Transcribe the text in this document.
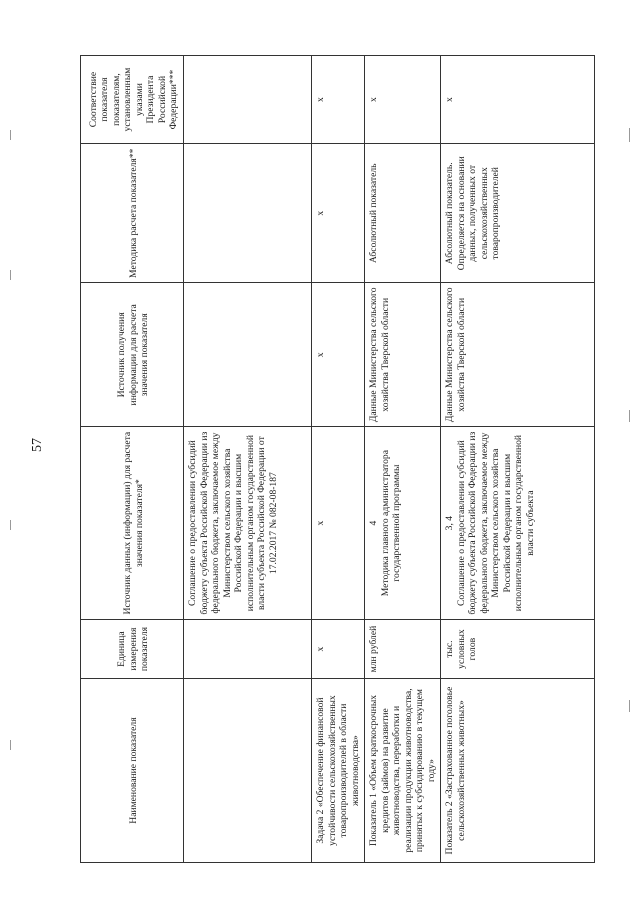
57
Наименование показателя	Единица измерения показателя	Источник данных (информации) для расчета значения показателя*	Источник получения информации для расчета значения показателя	Методика расчета показателя**	Соответствие показателя показателям, установленным указами Президента Российской Федерации***
		Соглашение о предоставлении субсидий бюджету субъекта Российской Федерации из федерального бюджета, заключаемое между Министерством сельского хозяйства Российской Федерации и высшим исполнительным органом государственной власти субъекта Российской Федерации от 17.02.2017 № 082-08-187			
Задача 2 «Обеспечение финансовой устойчивости сельскохозяйственных товаропроизводителей в области животноводства»	х	х	х	х	х
Показатель 1 «Объем краткосрочных кредитов (займов) на развитие животноводства, переработки и реализации продукции животноводства, принятых к субсидированию в текущем году»	млн рублей	4 Методика главного администратора государственной программы	Данные Министерства сельского хозяйства Тверской области	Абсолютный показатель	х
Показатель 2 «Застрахованное поголовье сельскохозяйственных животных»	тыс. условных голов	3, 4 Соглашение о предоставлении субсидий бюджету субъекта Российской Федерации из федерального бюджета, заключаемое между Министерством сельского хозяйства Российской Федерации и высшим исполнительным органом государственной власти субъекта	Данные Министерства сельского хозяйства Тверской области	Абсолютный показатель. Определяется на основании данных, полученных от сельскохозяйственных товаропроизводителей	х
